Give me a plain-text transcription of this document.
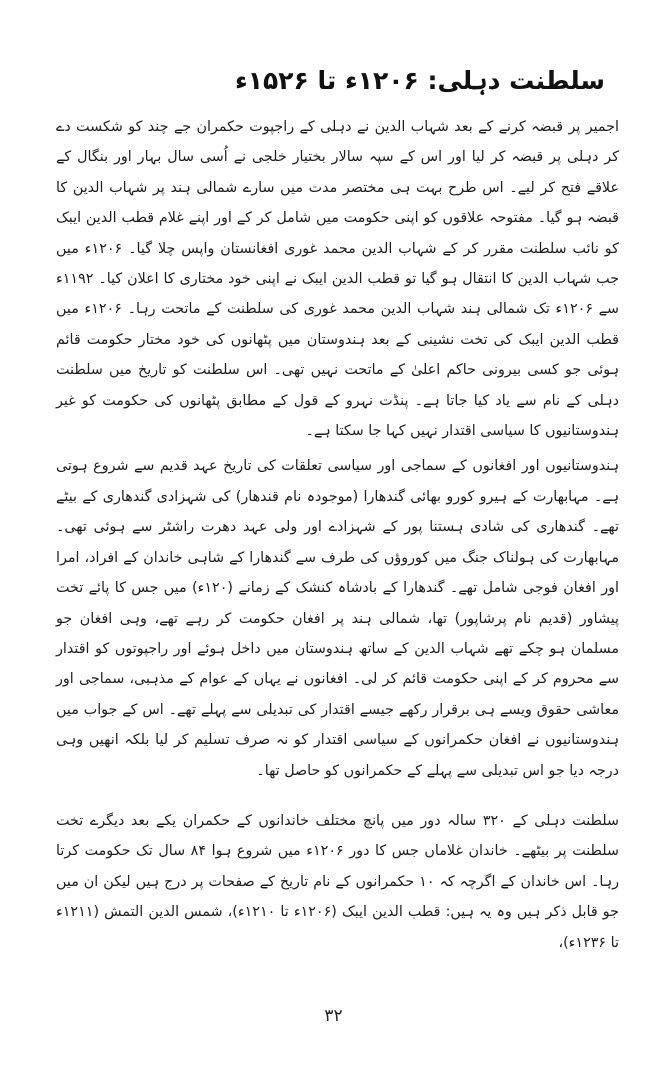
سلطنت دہلی: ۱۲۰۶ء تا ۱۵۲۶ء

اجمیر پر قبضہ کرنے کے بعد شہاب الدین نے دہلی کے راجپوت حکمران جے چند کو شکست دے کر دہلی پر قبضہ کر لیا اور اس کے سپہ سالار بختیار خلجی نے اُسی سال بہار اور بنگال کے علاقے فتح کر لیے۔ اس طرح بہت ہی مختصر مدت میں سارے شمالی ہند پر شہاب الدین کا قبضہ ہو گیا۔ مفتوحہ علاقوں کو اپنی حکومت میں شامل کر کے اور اپنے غلام قطب الدین ایبک کو نائب سلطنت مقرر کر کے شہاب الدین محمد غوری افغانستان واپس چلا گیا۔ ۱۲۰۶ء میں جب شہاب الدین کا انتقال ہو گیا تو قطب الدین ایبک نے اپنی خود مختاری کا اعلان کیا۔ ۱۱۹۲ء سے ۱۲۰۶ء تک شمالی ہند شہاب الدین محمد غوری کی سلطنت کے ماتحت رہا۔ ۱۲۰۶ء میں قطب الدین ایبک کی تخت نشینی کے بعد ہندوستان میں پٹھانوں کی خود مختار حکومت قائم ہوئی جو کسی بیرونی حاکم اعلیٰ کے ماتحت نہیں تھی۔ اس سلطنت کو تاریخ میں سلطنت دہلی کے نام سے یاد کیا جاتا ہے۔ پنڈت نہرو کے قول کے مطابق پٹھانوں کی حکومت کو غیر ہندوستانیوں کا سیاسی اقتدار نہیں کہا جا سکتا ہے۔

ہندوستانیوں اور افغانوں کے سماجی اور سیاسی تعلقات کی تاریخ عہد قدیم سے شروع ہوتی ہے۔ مہابھارت کے ہیرو کورو بھائی گندھارا (موجودہ نام قندھار) کی شہزادی گندھاری کے بیٹے تھے۔ گندھاری کی شادی ہستنا پور کے شہزادے اور ولی عہد دھرت راشٹر سے ہوئی تھی۔ مہابھارت کی ہولناک جنگ میں کوروؤں کی طرف سے گندھارا کے شاہی خاندان کے افراد، امرا اور افغان فوجی شامل تھے۔ گندھارا کے بادشاہ کنشک کے زمانے (۱۲۰ء) میں جس کا پائے تخت پیشاور (قدیم نام پرشاپور) تھا، شمالی ہند پر افغان حکومت کر رہے تھے، وہی افغان جو مسلمان ہو چکے تھے شہاب الدین کے ساتھ ہندوستان میں داخل ہوئے اور راجپوتوں کو اقتدار سے محروم کر کے اپنی حکومت قائم کر لی۔ افغانوں نے یہاں کے عوام کے مذہبی، سماجی اور معاشی حقوق ویسے ہی برقرار رکھے جیسے اقتدار کی تبدیلی سے پہلے تھے۔ اس کے جواب میں ہندوستانیوں نے افغان حکمرانوں کے سیاسی اقتدار کو نہ صرف تسلیم کر لیا بلکہ انھیں وہی درجہ دیا جو اس تبدیلی سے پہلے کے حکمرانوں کو حاصل تھا۔

سلطنت دہلی کے ۳۲۰ سالہ دور میں پانچ مختلف خاندانوں کے حکمران یکے بعد دیگرے تخت سلطنت پر بیٹھے۔ خاندان غلاماں جس کا دور ۱۲۰۶ء میں شروع ہوا ۸۴ سال تک حکومت کرتا رہا۔ اس خاندان کے اگرچہ کہ ۱۰ حکمرانوں کے نام تاریخ کے صفحات پر درج ہیں لیکن ان میں جو قابل ذکر ہیں وہ یہ ہیں: قطب الدین ایبک (۱۲۰۶ء تا ۱۲۱۰ء)، شمس الدین التمش (۱۲۱۱ء تا ۱۲۳۶ء)،

۳۲
